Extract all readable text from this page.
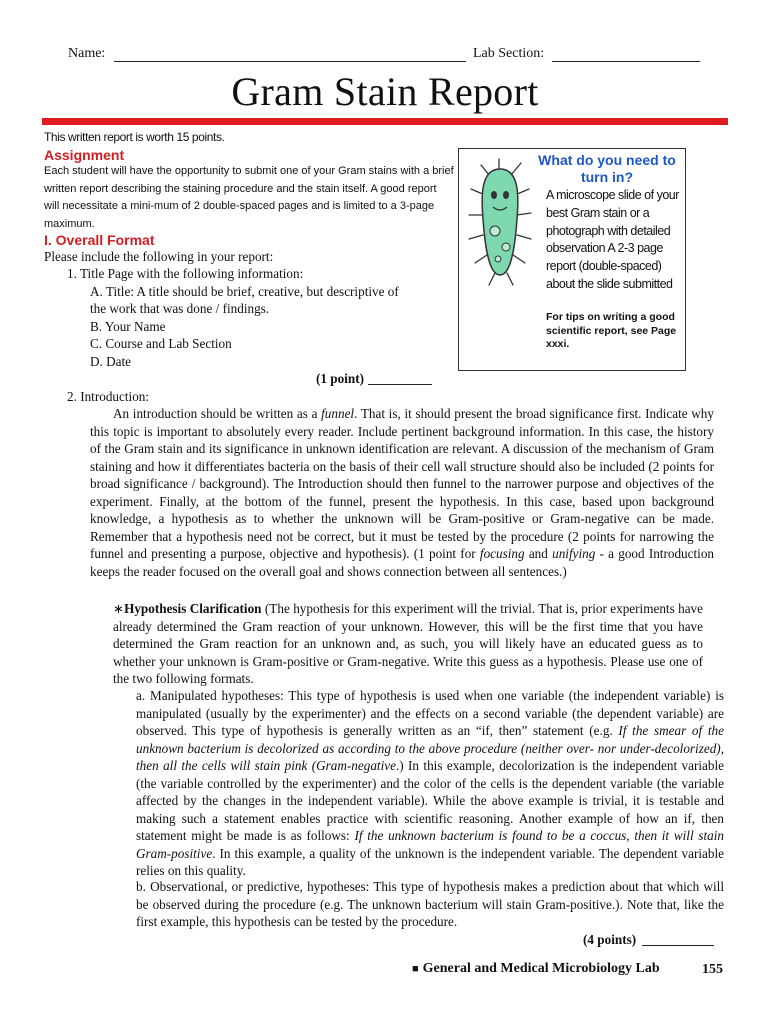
Name:	Lab Section:
Gram Stain Report
This written report is worth 15 points.
Assignment
Each student will have the opportunity to submit one of your Gram stains with a brief written report describing the staining procedure and the stain itself. A good report will necessitate a mini-mum of 2 double-spaced pages and is limited to a 3-page maximum.
I. Overall Format
Please include the following in your report:
1. Title Page with the following information:
A. Title: A title should be brief, creative, but descriptive of
the work that was done / findings.
B. Your Name
C. Course and Lab Section
D. Date
(1 point)
What do you need to turn in?
A microscope slide of your best Gram stain or a photograph with detailed observation A 2-3 page report (double-spaced) about the slide submitted
For tips on writing a good scientific report, see Page xxxi.
2. Introduction:
An introduction should be written as a funnel. That is, it should present the broad significance first. Indicate why this topic is important to absolutely every reader. Include pertinent background information. In this case, the history of the Gram stain and its significance in unknown identification are relevant. A discussion of the mechanism of Gram staining and how it differentiates bacteria on the basis of their cell wall structure should also be included (2 points for broad significance / background). The Introduction should then funnel to the narrower purpose and objectives of the experiment. Finally, at the bottom of the funnel, present the hypothesis. In this case, based upon background knowledge, a hypothesis as to whether the unknown will be Gram-positive or Gram-negative can be made. Remember that a hypothesis need not be correct, but it must be tested by the procedure (2 points for narrowing the funnel and presenting a purpose, objective and hypothesis). (1 point for focusing and unifying - a good Introduction keeps the reader focused on the overall goal and shows connection between all sentences.)
∗Hypothesis Clarification (The hypothesis for this experiment will the trivial. That is, prior experiments have already determined the Gram reaction of your unknown. However, this will be the first time that you have determined the Gram reaction for an unknown and, as such, you will likely have an educated guess as to whether your unknown is Gram-positive or Gram-negative. Write this guess as a hypothesis. Please use one of the two following formats.
a. Manipulated hypotheses: This type of hypothesis is used when one variable (the independent variable) is manipulated (usually by the experimenter) and the effects on a second variable (the dependent variable) are observed. This type of hypothesis is generally written as an “if, then” statement (e.g. If the smear of the unknown bacterium is decolorized as according to the above procedure (neither over- nor under-decolorized), then all the cells will stain pink (Gram-negative.) In this example, decolorization is the independent variable (the variable controlled by the experimenter) and the color of the cells is the dependent variable (the variable affected by the changes in the independent variable). While the above example is trivial, it is testable and making such a statement enables practice with scientific reasoning. Another example of how an if, then statement might be made is as follows: If the unknown bacterium is found to be a coccus, then it will stain Gram-positive. In this example, a quality of the unknown is the independent variable. The dependent variable relies on this quality.
b. Observational, or predictive, hypotheses: This type of hypothesis makes a prediction about that which will be observed during the procedure (e.g. The unknown bacterium will stain Gram-positive.). Note that, like the first example, this hypothesis can be tested by the procedure.
(4 points)
■ General and Medical Microbiology Lab	155
